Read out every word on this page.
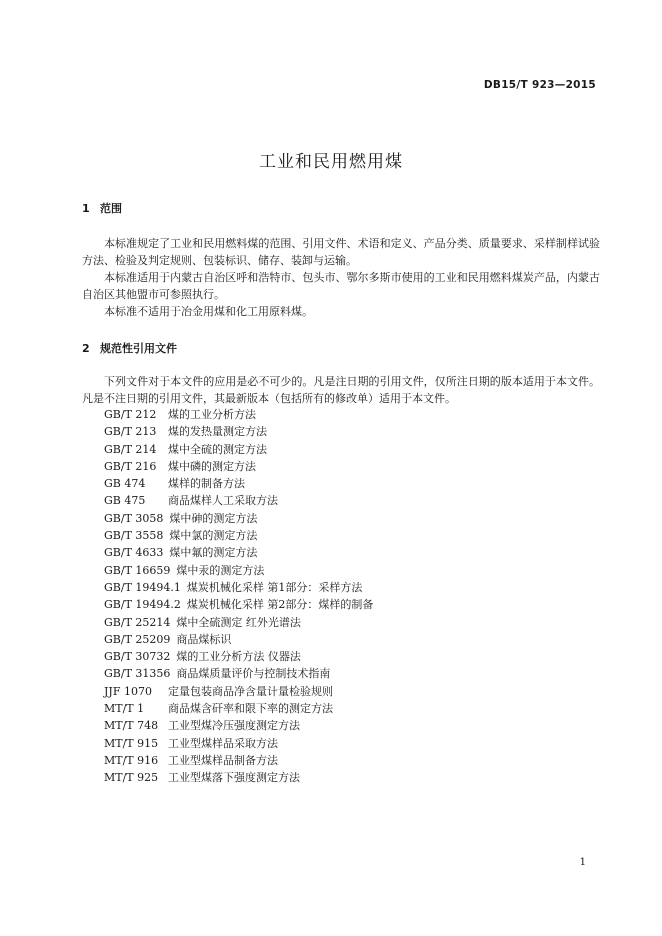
DB15/T 923—2015
工业和民用燃用煤
1 范围
本标准规定了工业和民用燃料煤的范围、引用文件、术语和定义、产品分类、质量要求、采样制样试验方法、检验及判定规则、包装标识、储存、装卸与运输。
本标准适用于内蒙古自治区呼和浩特市、包头市、鄂尔多斯市使用的工业和民用燃料煤炭产品，内蒙古自治区其他盟市可参照执行。
本标准不适用于冶金用煤和化工用原料煤。
2 规范性引用文件
下列文件对于本文件的应用是必不可少的。凡是注日期的引用文件，仅所注日期的版本适用于本文件。凡是不注日期的引用文件，其最新版本（包括所有的修改单）适用于本文件。
GB/T 212 煤的工业分析方法
GB/T 213 煤的发热量测定方法
GB/T 214 煤中全硫的测定方法
GB/T 216 煤中磷的测定方法
GB 474 煤样的制备方法
GB 475 商品煤样人工采取方法
GB/T 3058 煤中砷的测定方法
GB/T 3558 煤中氯的测定方法
GB/T 4633 煤中氟的测定方法
GB/T 16659 煤中汞的测定方法
GB/T 19494.1 煤炭机械化采样 第1部分：采样方法
GB/T 19494.2 煤炭机械化采样 第2部分：煤样的制备
GB/T 25214 煤中全硫测定 红外光谱法
GB/T 25209 商品煤标识
GB/T 30732 煤的工业分析方法 仪器法
GB/T 31356 商品煤质量评价与控制技术指南
JJF 1070 定量包装商品净含量计量检验规则
MT/T 1 商品煤含矸率和限下率的测定方法
MT/T 748 工业型煤冷压强度测定方法
MT/T 915 工业型煤样品采取方法
MT/T 916 工业型煤样品制备方法
MT/T 925 工业型煤落下强度测定方法
1
